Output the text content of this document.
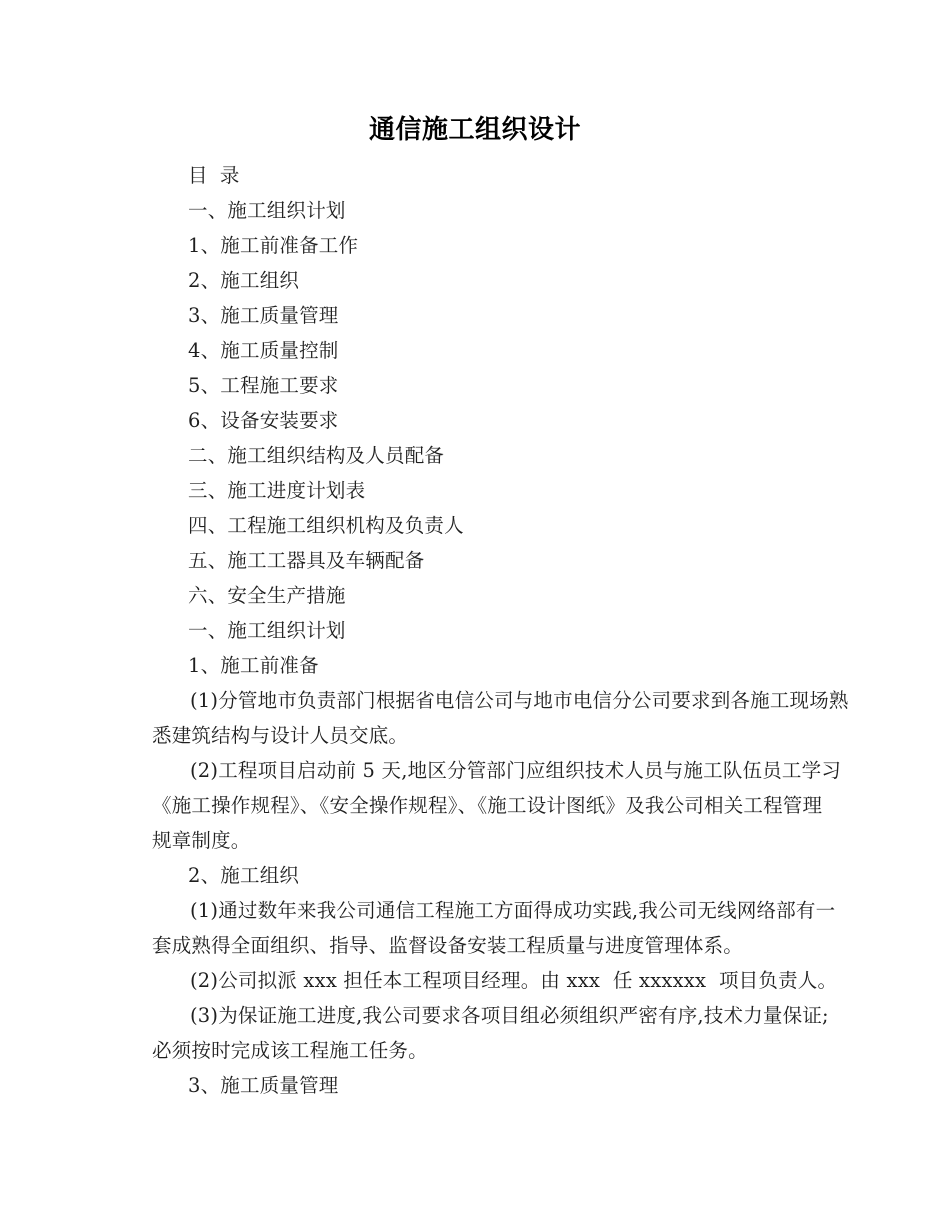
通信施工组织设计
目  录
一、施工组织计划
1、施工前准备工作
2、施工组织
3、施工质量管理
4、施工质量控制
5、工程施工要求
6、设备安装要求
二、施工组织结构及人员配备
三、施工进度计划表
四、工程施工组织机构及负责人
五、施工工器具及车辆配备
六、安全生产措施
一、施工组织计划
1、施工前准备
(1)分管地市负责部门根据省电信公司与地市电信分公司要求到各施工现场熟
悉建筑结构与设计人员交底。
(2)工程项目启动前 5 天,地区分管部门应组织技术人员与施工队伍员工学习
《施工操作规程》、《安全操作规程》、《施工设计图纸》及我公司相关工程管理
规章制度。
2、施工组织
(1)通过数年来我公司通信工程施工方面得成功实践,我公司无线网络部有一
套成熟得全面组织、指导、监督设备安装工程质量与进度管理体系。
(2)公司拟派 xxx 担任本工程项目经理。由 xxx  任 xxxxxx  项目负责人。
(3)为保证施工进度,我公司要求各项目组必须组织严密有序,技术力量保证;
必须按时完成该工程施工任务。
3、施工质量管理
